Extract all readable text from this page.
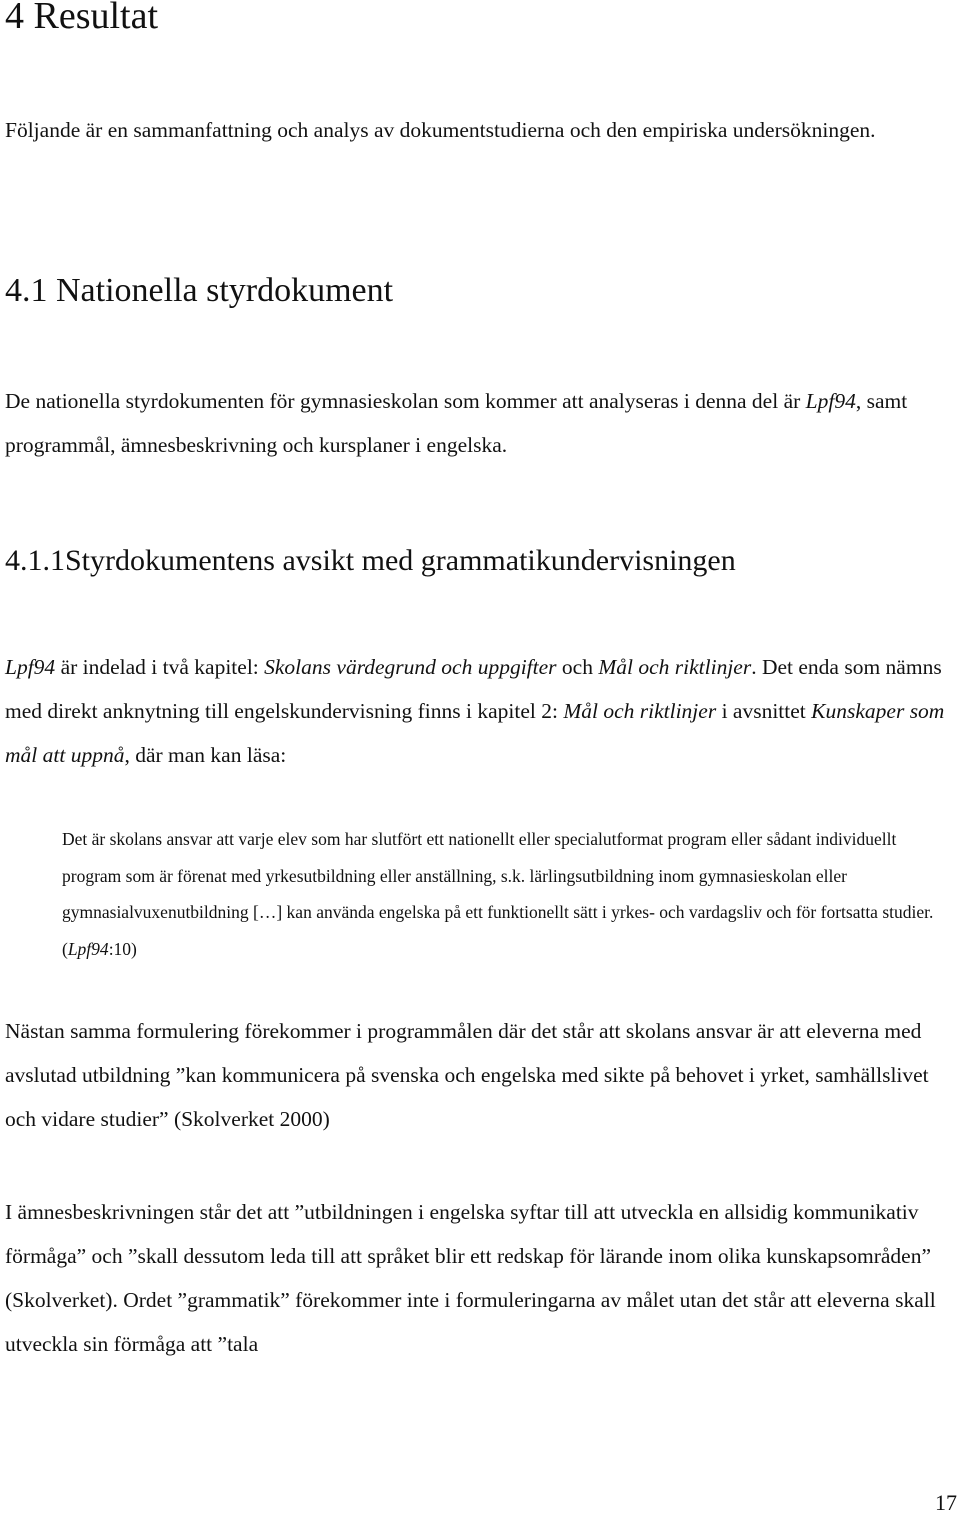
4 Resultat

Följande är en sammanfattning och analys av dokumentstudierna och den empiriska undersökningen.

4.1 Nationella styrdokument

De nationella styrdokumenten för gymnasieskolan som kommer att analyseras i denna del är Lpf94, samt programmål, ämnesbeskrivning och kursplaner i engelska.

4.1.1Styrdokumentens avsikt med grammatikundervisningen

Lpf94 är indelad i två kapitel: Skolans värdegrund och uppgifter och Mål och riktlinjer. Det enda som nämns med direkt anknytning till engelskundervisning finns i kapitel 2: Mål och riktlinjer i avsnittet Kunskaper som mål att uppnå, där man kan läsa:

Det är skolans ansvar att varje elev som har slutfört ett nationellt eller specialutformat program eller sådant individuellt program som är förenat med yrkesutbildning eller anställning, s.k. lärlingsutbildning inom gymnasieskolan eller gymnasialvuxenutbildning […] kan använda engelska på ett funktionellt sätt i yrkes- och vardagsliv och för fortsatta studier. (Lpf94:10)

Nästan samma formulering förekommer i programmålen där det står att skolans ansvar är att eleverna med avslutad utbildning ”kan kommunicera på svenska och engelska med sikte på behovet i yrket, samhällslivet och vidare studier” (Skolverket 2000)

I ämnesbeskrivningen står det att ”utbildningen i engelska syftar till att utveckla en allsidig kommunikativ förmåga” och ”skall dessutom leda till att språket blir ett redskap för lärande inom olika kunskapsområden” (Skolverket). Ordet ”grammatik” förekommer inte i formuleringarna av målet utan det står att eleverna skall utveckla sin förmåga att ”tala

17
